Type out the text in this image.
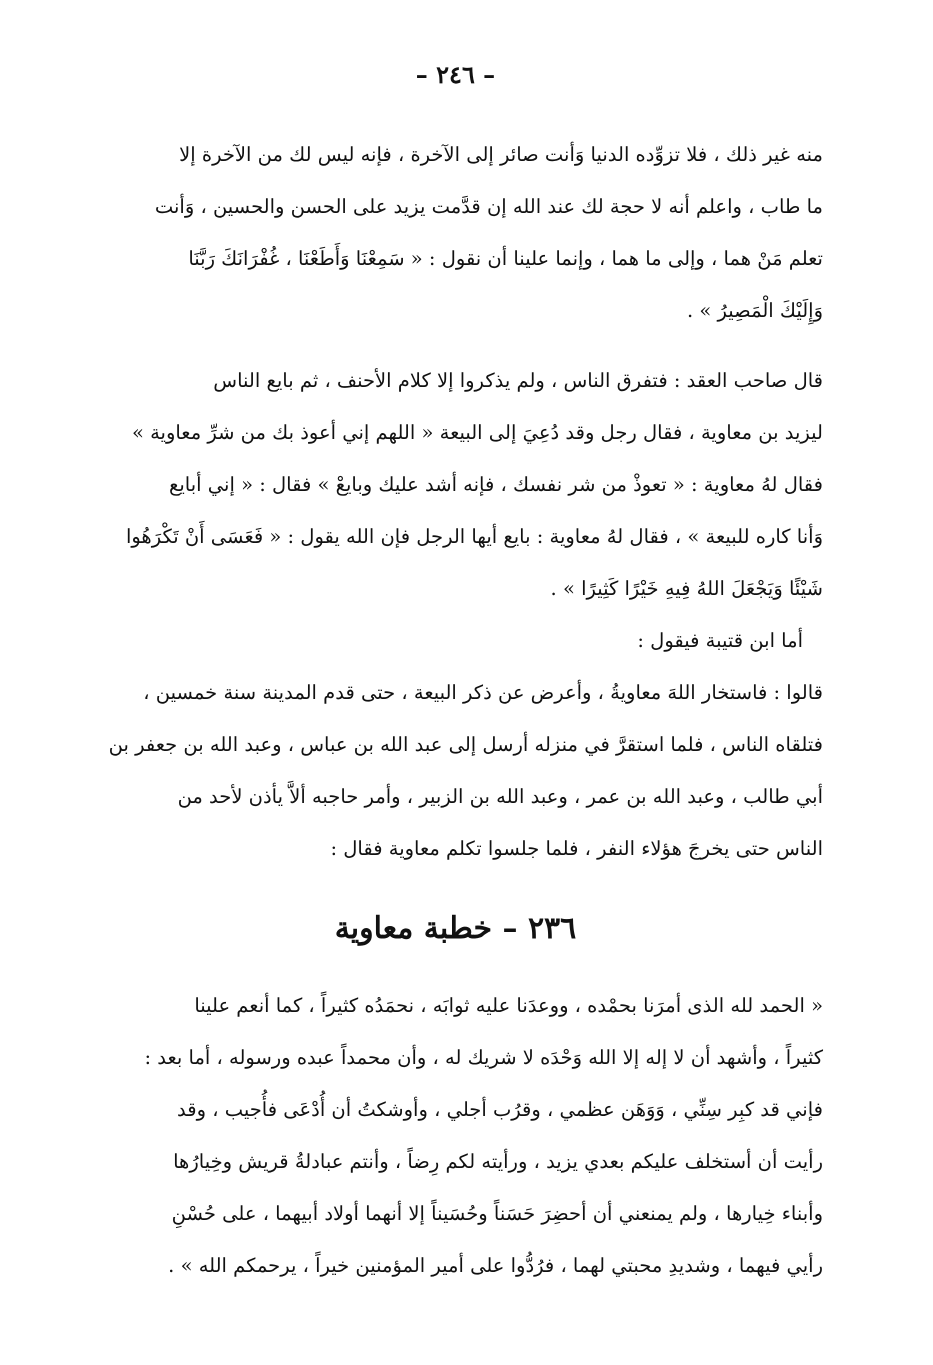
– ٢٤٦ –

منه غير ذلك ، فلا تزوِّده الدنيا وَأنت صائر إلى الآخرة ، فإنه ليس لك من الآخرة إلا

ما طاب ، واعلم أنه لا حجة لك عند الله إن قدَّمت يزيد على الحسن والحسين ، وَأنت

تعلم مَنْ هما ، وإلى ما هما ، وإنما علينا أن نقول : « سَمِعْنَا وَأَطَعْنَا ، غُفْرَانَكَ رَبَّنَا

وَإِلَيْكَ الْمَصِيرُ » .

قال صاحب العقد : فتفرق الناس ، ولم يذكروا إلا كلام الأحنف ، ثم بايع الناس

ليزيد بن معاوية ، فقال رجل وقد دُعِيَ إلى البيعة « اللهم إني أعوذ بك من شرِّ معاوية »

فقال لهُ معاوية : « تعوذْ من شر نفسك ، فإنه أشد عليك وبايعْ » فقال : « إني أبايع

وَأنا كاره للبيعة » ، فقال لهُ معاوية : بايع أيها الرجل فإن الله يقول : « فَعَسَى أَنْ تَكْرَهُوا

شَيْئًا وَيَجْعَلَ اللهُ فِيهِ خَيْرًا كَثِيرًا » .

أما ابن قتيبة فيقول :

قالوا : فاستخار اللهَ معاويةُ ، وأعرض عن ذكر البيعة ، حتى قدم المدينة سنة خمسين ،

فتلقاه الناس ، فلما استقرَّ في منزله أرسل إلى عبد الله بن عباس ، وعبد الله بن جعفر بن

أبي طالب ، وعبد الله بن عمر ، وعبد الله بن الزبير ، وأمر حاجبه ألاَّ يأذن لأحد من

الناس حتى يخرجَ هؤلاء النفر ، فلما جلسوا تكلم معاوية فقال :

٢٣٦ – خطبة معاوية

« الحمد لله الذى أمرَنا بحمْده ، ووعدَنا عليه ثوابَه ، نحمَدُه كثيراً ، كما أنعم علينا

كثيراً ، وأشهد أن لا إله إلا الله وَحْدَه لا شريك له ، وأن محمداً عبده ورسوله ، أما بعد :

فإني قد كبِر سِنِّي ، وَوَهَن عظمي ، وقرُب أجلي ، وأوشكتُ أن أُدْعَى فأُجيب ، وقد

رأيت أن أستخلف عليكم بعدي يزيد ، ورأيته لكم رِضاً ، وأنتم عبادلةُ قريش وخِيارُها

وأبناء خِيارها ، ولم يمنعني أن أحضِرَ حَسَناً وحُسَيناً إلا أنهما أولاد أبيهما ، على حُسْنِ

رأيي فيهما ، وشديدِ محبتي لهما ، فرُدُّوا على أمير المؤمنين خيراً ، يرحمكم الله » .
